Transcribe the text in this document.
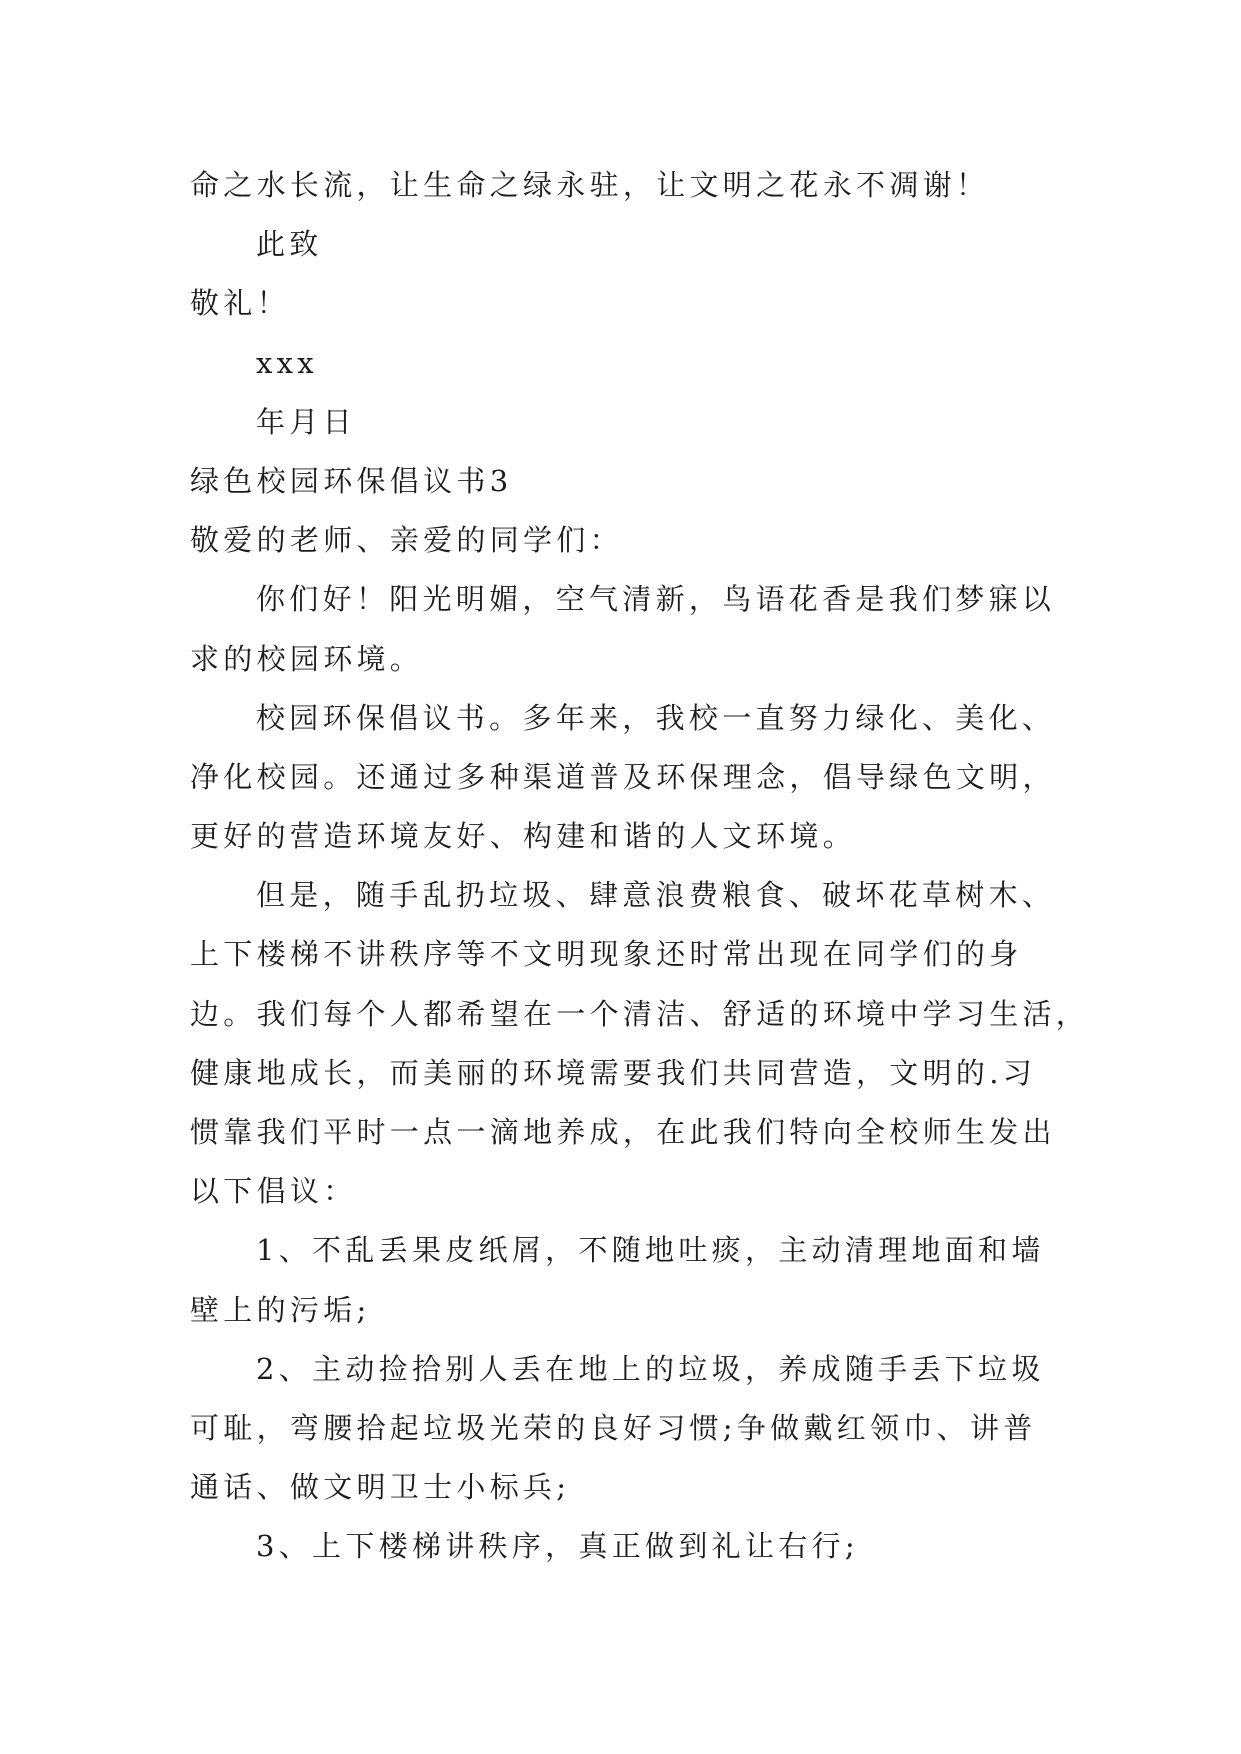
命之水长流，让生命之绿永驻，让文明之花永不凋谢！
此致
敬礼！
xxx
年月日
绿色校园环保倡议书3
敬爱的老师、亲爱的同学们：
你们好！阳光明媚，空气清新，鸟语花香是我们梦寐以
求的校园环境。
校园环保倡议书。多年来，我校一直努力绿化、美化、
净化校园。还通过多种渠道普及环保理念，倡导绿色文明，
更好的营造环境友好、构建和谐的人文环境。
但是，随手乱扔垃圾、肆意浪费粮食、破坏花草树木、
上下楼梯不讲秩序等不文明现象还时常出现在同学们的身
边。我们每个人都希望在一个清洁、舒适的环境中学习生活，
健康地成长，而美丽的环境需要我们共同营造，文明的.习
惯靠我们平时一点一滴地养成，在此我们特向全校师生发出
以下倡议：
1、不乱丢果皮纸屑，不随地吐痰，主动清理地面和墙
壁上的污垢;
2、主动捡拾别人丢在地上的垃圾，养成随手丢下垃圾
可耻，弯腰拾起垃圾光荣的良好习惯;争做戴红领巾、讲普
通话、做文明卫士小标兵;
3、上下楼梯讲秩序，真正做到礼让右行;
